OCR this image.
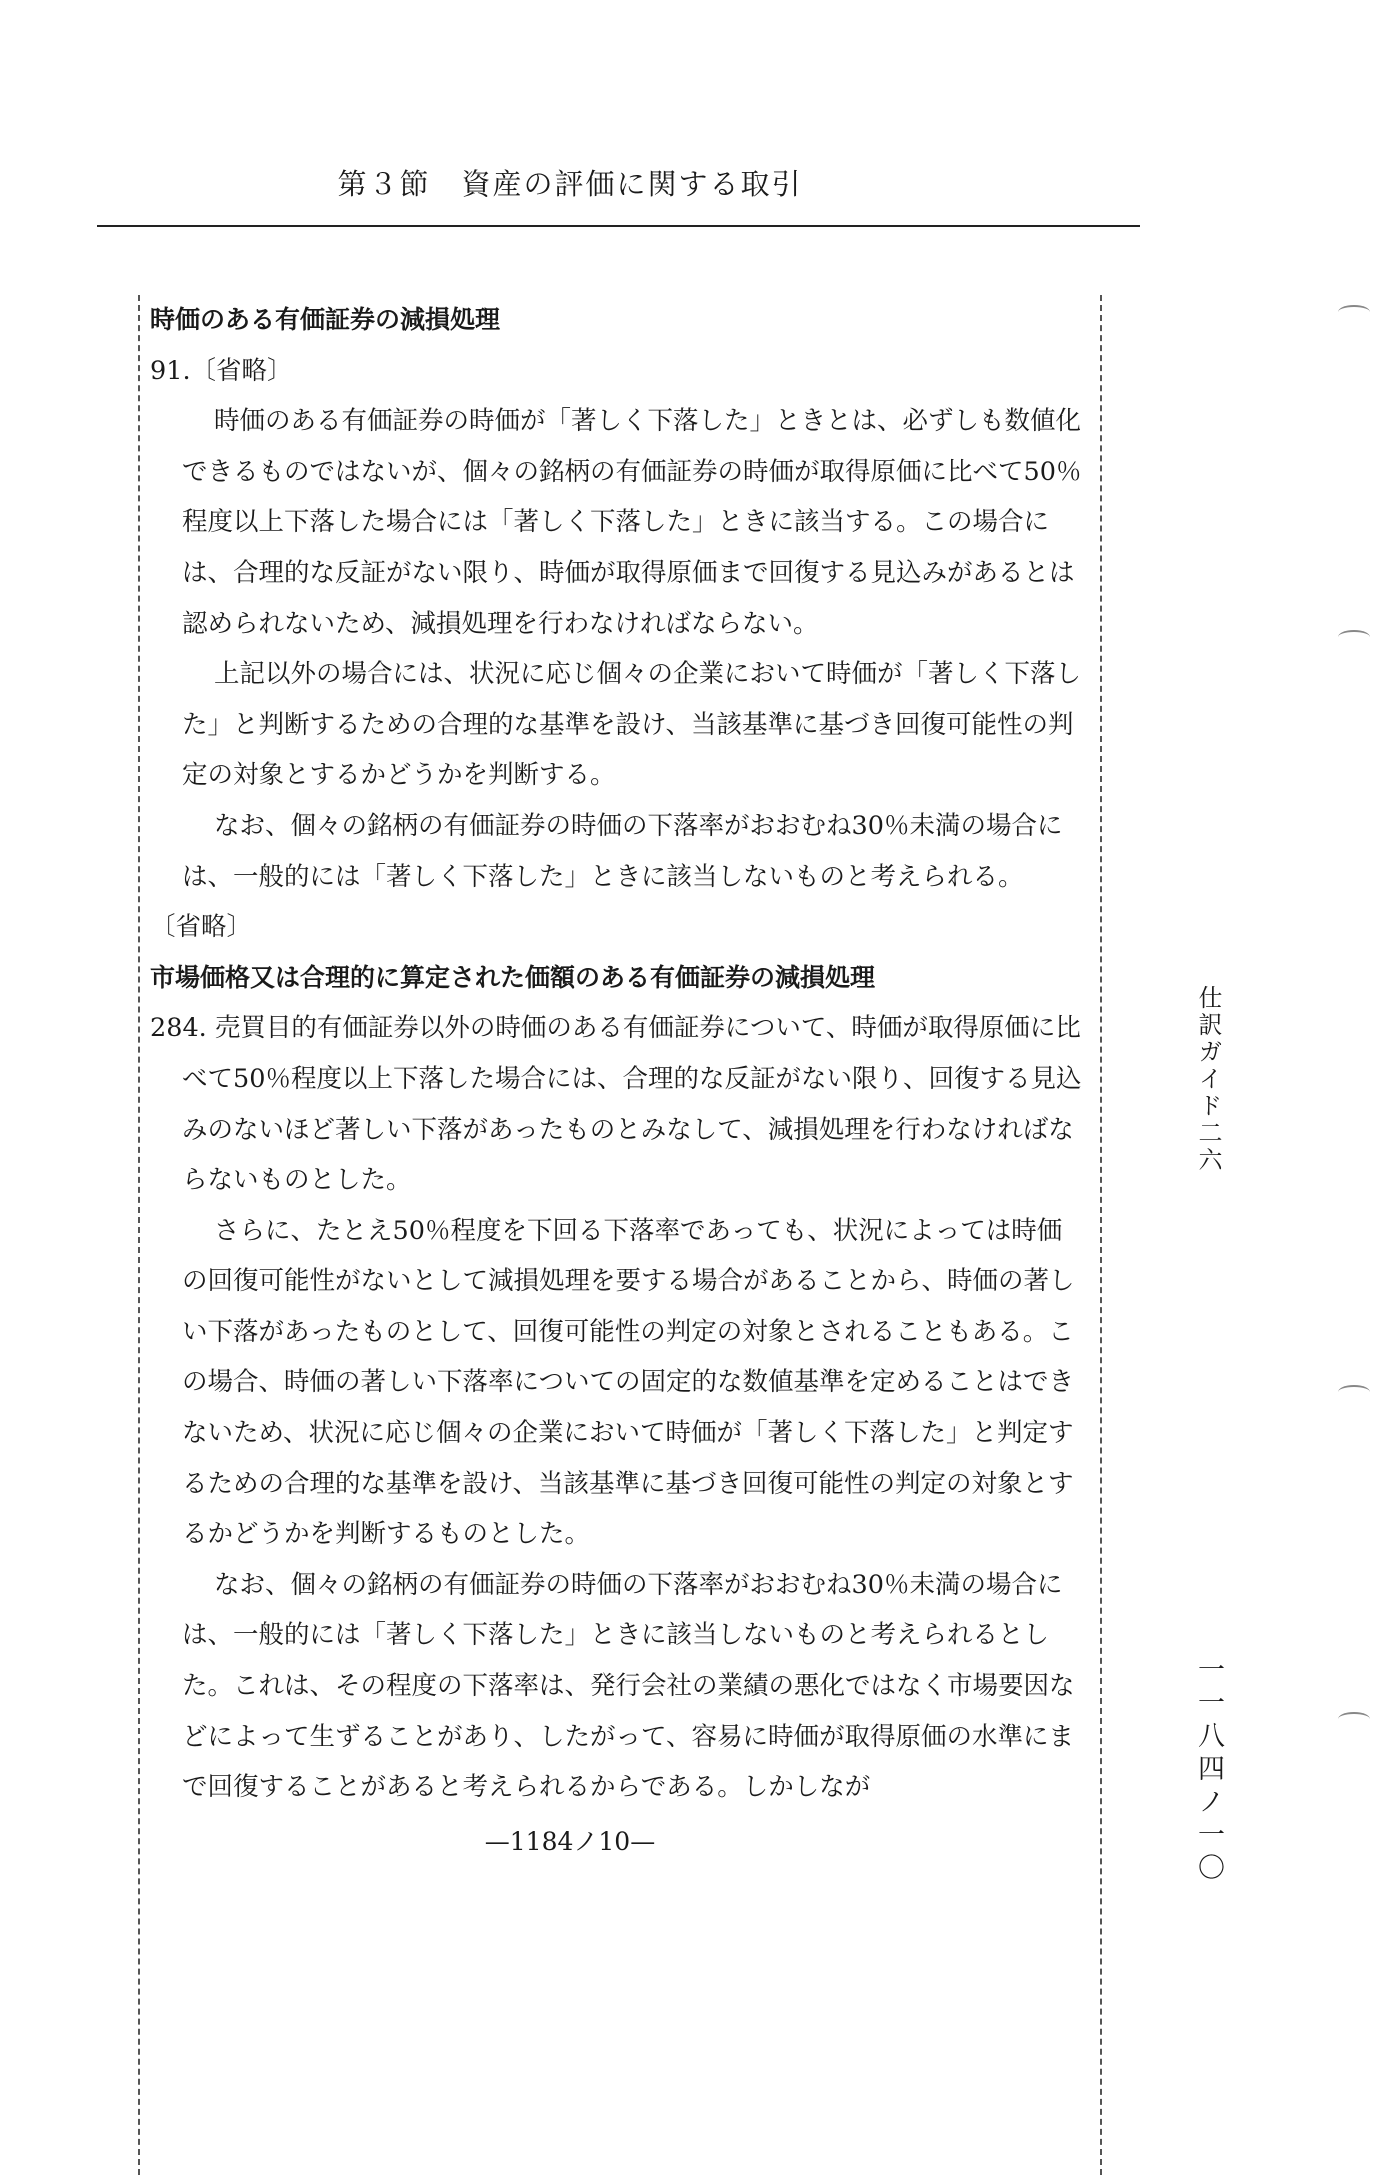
第３節　資産の評価に関する取引

時価のある有価証券の減損処理

91.〔省略〕

時価のある有価証券の時価が「著しく下落した」ときとは、必ずしも数値化できるものではないが、個々の銘柄の有価証券の時価が取得原価に比べて50％程度以上下落した場合には「著しく下落した」ときに該当する。この場合には、合理的な反証がない限り、時価が取得原価まで回復する見込みがあるとは認められないため、減損処理を行わなければならない。

上記以外の場合には、状況に応じ個々の企業において時価が「著しく下落した」と判断するための合理的な基準を設け、当該基準に基づき回復可能性の判定の対象とするかどうかを判断する。

なお、個々の銘柄の有価証券の時価の下落率がおおむね30％未満の場合には、一般的には「著しく下落した」ときに該当しないものと考えられる。

〔省略〕

市場価格又は合理的に算定された価額のある有価証券の減損処理

284. 売買目的有価証券以外の時価のある有価証券について、時価が取得原価に比べて50％程度以上下落した場合には、合理的な反証がない限り、回復する見込みのないほど著しい下落があったものとみなして、減損処理を行わなければならないものとした。

さらに、たとえ50％程度を下回る下落率であっても、状況によっては時価の回復可能性がないとして減損処理を要する場合があることから、時価の著しい下落があったものとして、回復可能性の判定の対象とされることもある。この場合、時価の著しい下落率についての固定的な数値基準を定めることはできないため、状況に応じ個々の企業において時価が「著しく下落した」と判定するための合理的な基準を設け、当該基準に基づき回復可能性の判定の対象とするかどうかを判断するものとした。

なお、個々の銘柄の有価証券の時価の下落率がおおむね30％未満の場合には、一般的には「著しく下落した」ときに該当しないものと考えられるとした。これは、その程度の下落率は、発行会社の業績の悪化ではなく市場要因などによって生ずることがあり、したがって、容易に時価が取得原価の水準にまで回復することがあると考えられるからである。しかしなが

仕訳ガイド二六
一一八四ノ一〇
—1184ノ10—
